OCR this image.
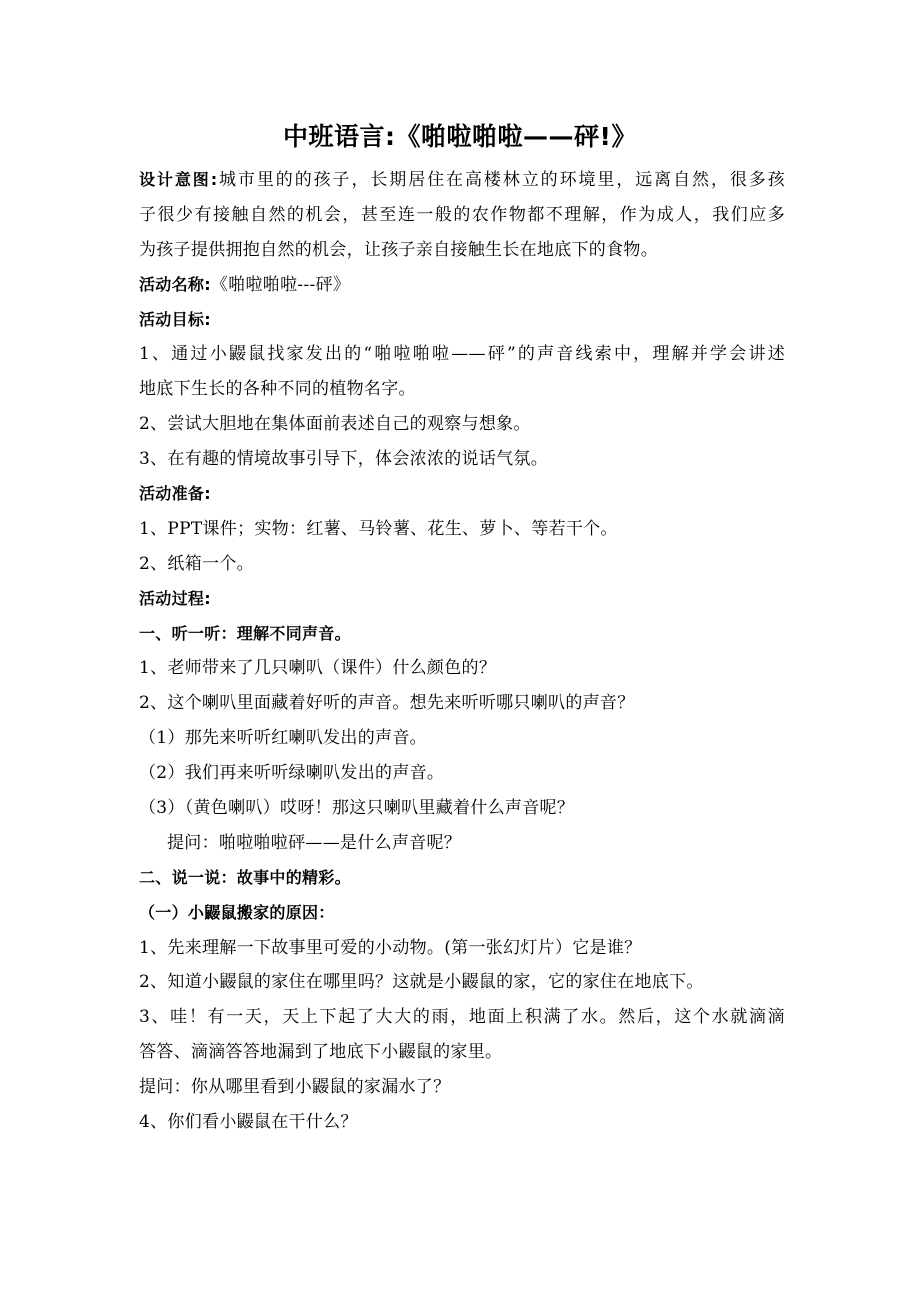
中班语言:《啪啦啪啦——砰!》
设计意图:城市里的的孩子，长期居住在高楼林立的环境里，远离自然，很多孩
子很少有接触自然的机会，甚至连一般的农作物都不理解，作为成人，我们应多
为孩子提供拥抱自然的机会，让孩子亲自接触生长在地底下的食物。
活动名称:《啪啦啪啦---砰》
活动目标:
1、通过小鼹鼠找家发出的“啪啦啪啦——砰”的声音线索中，理解并学会讲述
地底下生长的各种不同的植物名字。
2、尝试大胆地在集体面前表述自己的观察与想象。
3、在有趣的情境故事引导下，体会浓浓的说话气氛。
活动准备:
1、PPT课件；实物：红薯、马铃薯、花生、萝卜、等若干个。
2、纸箱一个。
活动过程:
一、听一听：理解不同声音。
1、老师带来了几只喇叭（课件）什么颜色的？
2、这个喇叭里面藏着好听的声音。想先来听听哪只喇叭的声音？
（1）那先来听听红喇叭发出的声音。
（2）我们再来听听绿喇叭发出的声音。
（3）（黄色喇叭）哎呀！那这只喇叭里藏着什么声音呢？
提问：啪啦啪啦砰——是什么声音呢？
二、说一说：故事中的精彩。
（一）小鼹鼠搬家的原因：
1、先来理解一下故事里可爱的小动物。(第一张幻灯片）它是谁？
2、知道小鼹鼠的家住在哪里吗？这就是小鼹鼠的家，它的家住在地底下。
3、哇！有一天，天上下起了大大的雨，地面上积满了水。然后，这个水就滴滴
答答、滴滴答答地漏到了地底下小鼹鼠的家里。
提问：你从哪里看到小鼹鼠的家漏水了？
4、你们看小鼹鼠在干什么？
